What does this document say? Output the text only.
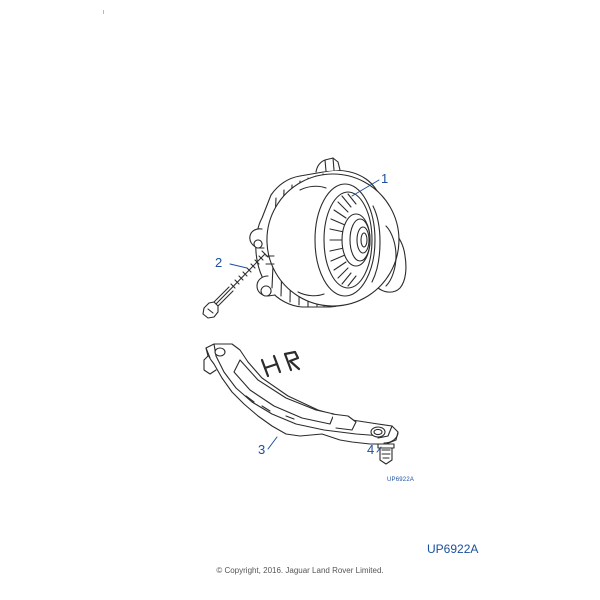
1
2
3	4
UP6922A
UP6922A
© Copyright, 2016. Jaguar Land Rover Limited.
